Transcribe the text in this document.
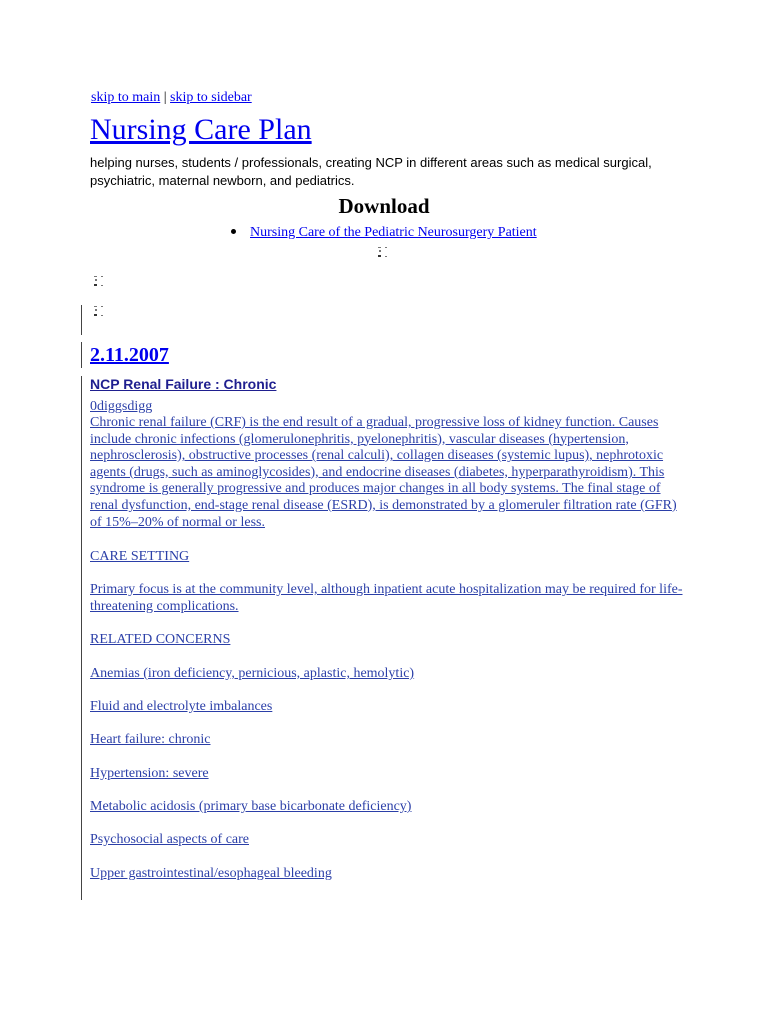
skip to main | skip to sidebar
Nursing Care Plan
helping nurses, students / professionals, creating NCP in different areas such as medical surgical, psychiatric, maternal newborn, and pediatrics.
Download
Nursing Care of the Pediatric Neurosurgery Patient
2.11.2007
NCP Renal Failure : Chronic
0diggsdigg
Chronic renal failure (CRF) is the end result of a gradual, progressive loss of kidney function. Causes include chronic infections (glomerulonephritis, pyelonephritis), vascular diseases (hypertension, nephrosclerosis), obstructive processes (renal calculi), collagen diseases (systemic lupus), nephrotoxic agents (drugs, such as aminoglycosides), and endocrine diseases (diabetes, hyperparathyroidism). This syndrome is generally progressive and produces major changes in all body systems. The final stage of renal dysfunction, end-stage renal disease (ESRD), is demonstrated by a glomeruler filtration rate (GFR) of 15%–20% of normal or less.
CARE SETTING
Primary focus is at the community level, although inpatient acute hospitalization may be required for life-threatening complications.
RELATED CONCERNS
Anemias (iron deficiency, pernicious, aplastic, hemolytic)
Fluid and electrolyte imbalances
Heart failure: chronic
Hypertension: severe
Metabolic acidosis (primary base bicarbonate deficiency)
Psychosocial aspects of care
Upper gastrointestinal/esophageal bleeding
